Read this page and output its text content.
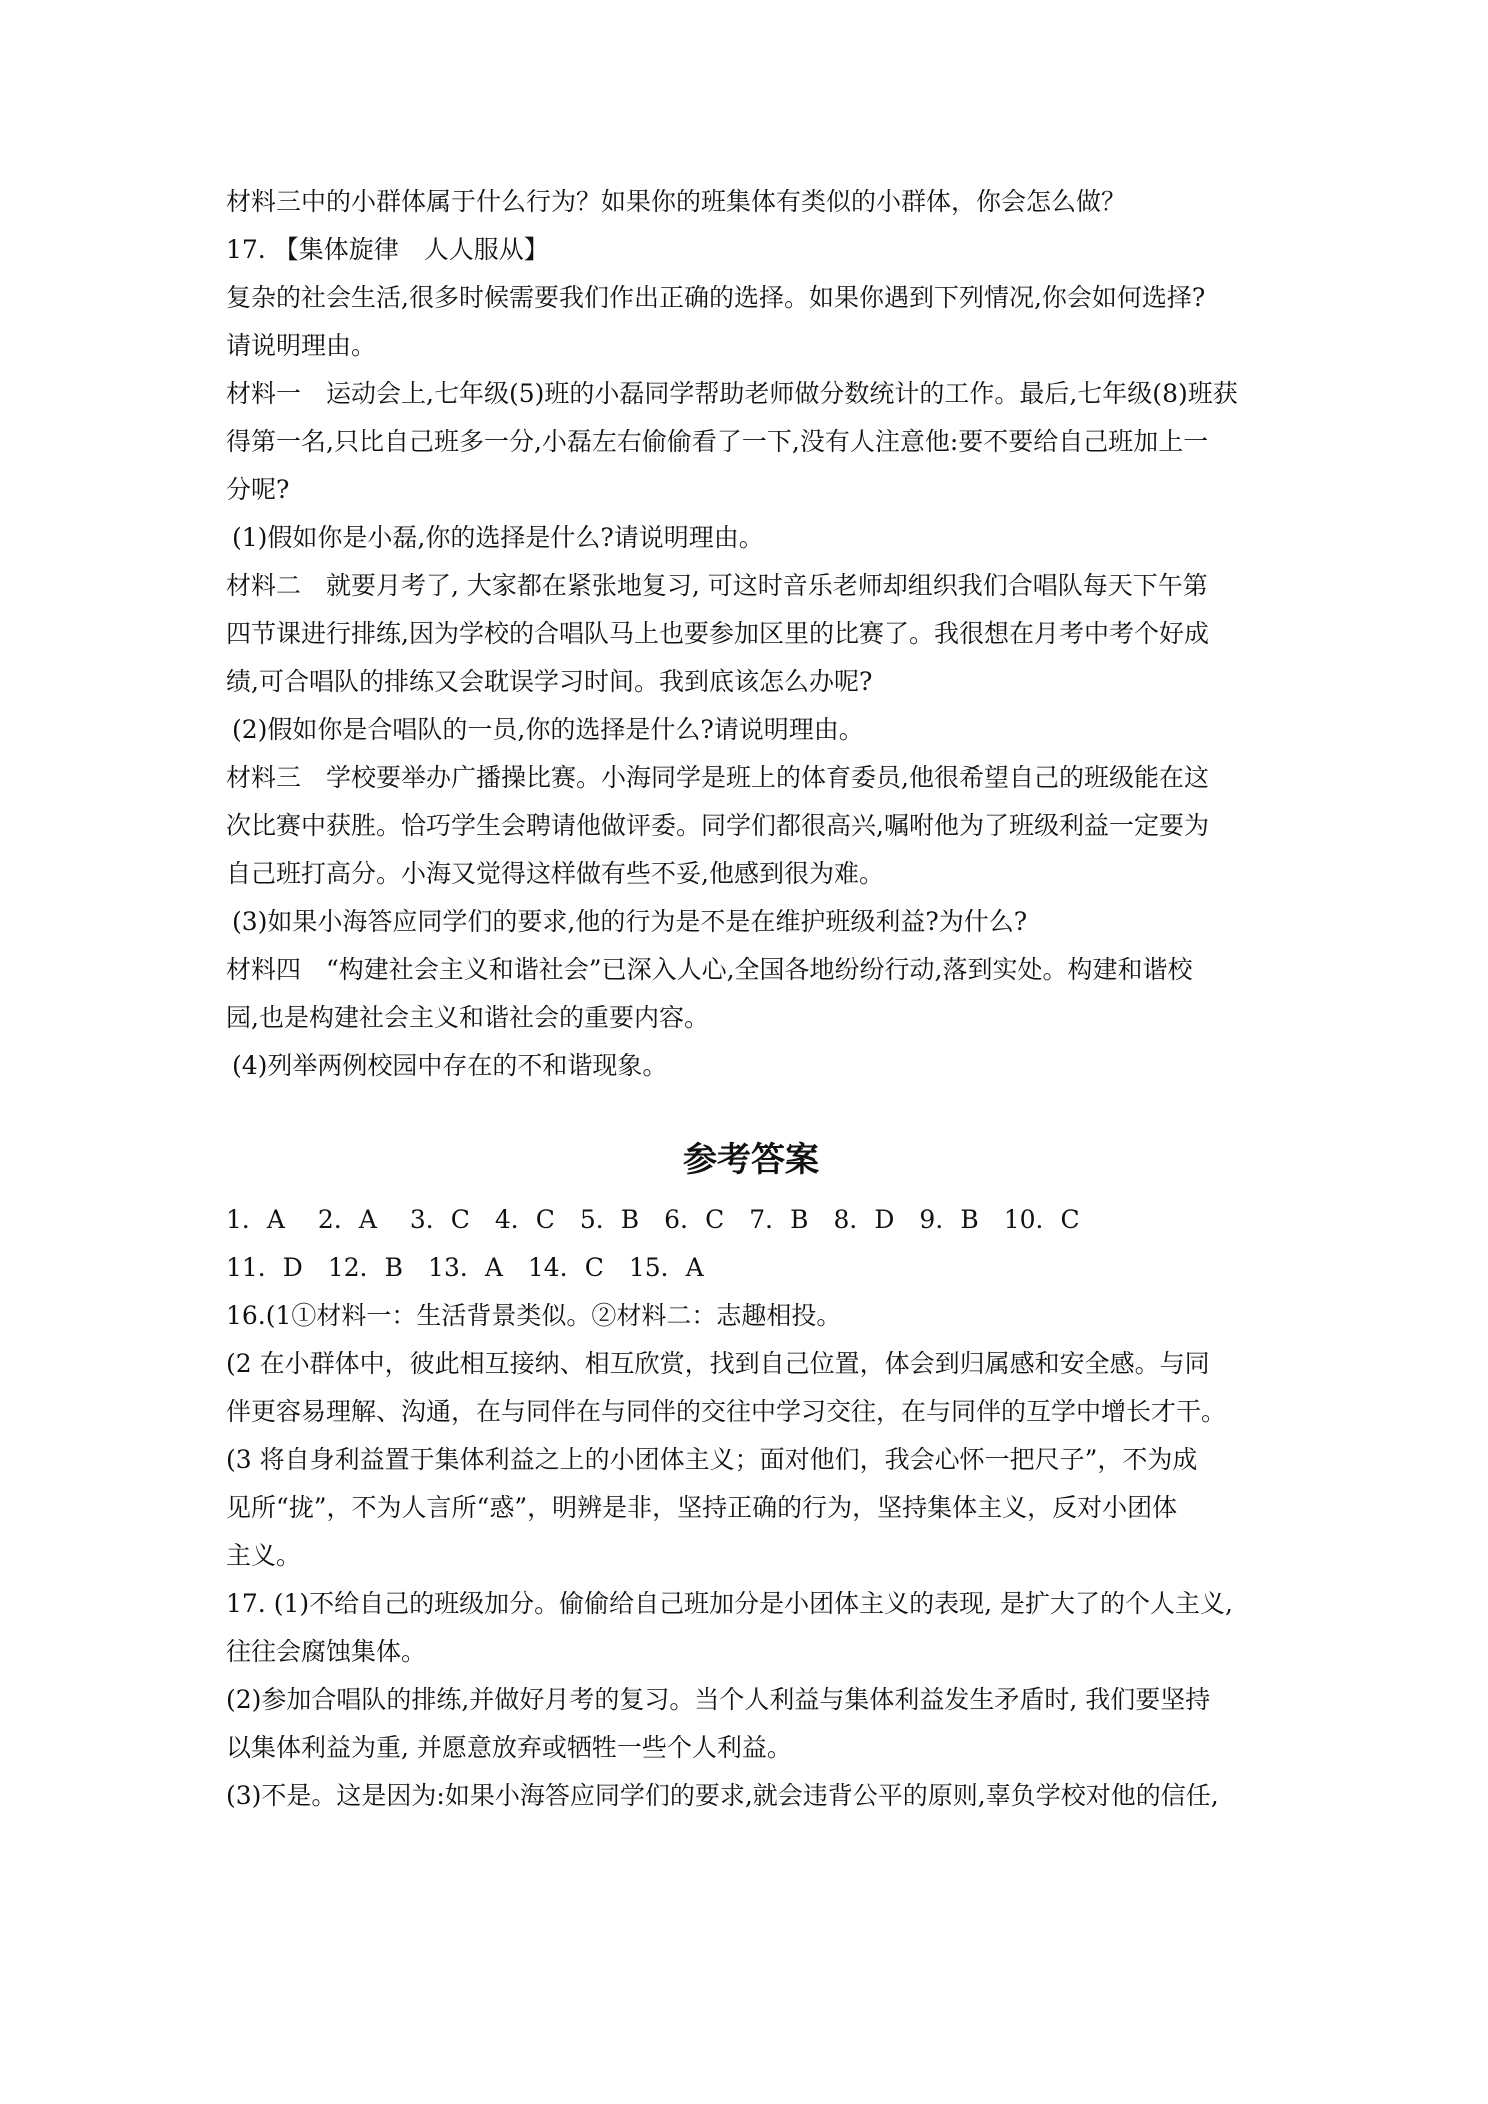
材料三中的小群体属于什么行为？如果你的班集体有类似的小群体，你会怎么做？
17. 【集体旋律　人人服从】
复杂的社会生活,很多时候需要我们作出正确的选择。如果你遇到下列情况,你会如何选择?
请说明理由。
材料一　运动会上,七年级(5)班的小磊同学帮助老师做分数统计的工作。最后,七年级(8)班获
得第一名,只比自己班多一分,小磊左右偷偷看了一下,没有人注意他:要不要给自己班加上一
分呢?
(1)假如你是小磊,你的选择是什么?请说明理由。
材料二　就要月考了, 大家都在紧张地复习, 可这时音乐老师却组织我们合唱队每天下午第
四节课进行排练,因为学校的合唱队马上也要参加区里的比赛了。我很想在月考中考个好成
绩,可合唱队的排练又会耽误学习时间。我到底该怎么办呢?
(2)假如你是合唱队的一员,你的选择是什么?请说明理由。
材料三　学校要举办广播操比赛。小海同学是班上的体育委员,他很希望自己的班级能在这
次比赛中获胜。恰巧学生会聘请他做评委。同学们都很高兴,嘱咐他为了班级利益一定要为
自己班打高分。小海又觉得这样做有些不妥,他感到很为难。
(3)如果小海答应同学们的要求,他的行为是不是在维护班级利益?为什么?
材料四　“构建社会主义和谐社会”已深入人心,全国各地纷纷行动,落到实处。构建和谐校
园,也是构建社会主义和谐社会的重要内容。
(4)列举两例校园中存在的不和谐现象。
参考答案
1．A　 2．A　 3．C　4．C　5．B　6．C　7．B　8．D　9．B　10．C
11．D　12．B　13．A　14．C　15．A
16.(1①材料一：生活背景类似。②材料二：志趣相投。
(2 在小群体中，彼此相互接纳、相互欣赏，找到自己位置，体会到归属感和安全感。与同
伴更容易理解、沟通，在与同伴在与同伴的交往中学习交往，在与同伴的互学中增长才干。
(3 将自身利益置于集体利益之上的小团体主义；面对他们，我会心怀一把尺子”，不为成
见所“拢”，不为人言所“惑”，明辨是非，坚持正确的行为，坚持集体主义，反对小团体
主义。
17. (1)不给自己的班级加分。偷偷给自己班加分是小团体主义的表现, 是扩大了的个人主义,
往往会腐蚀集体。
(2)参加合唱队的排练,并做好月考的复习。当个人利益与集体利益发生矛盾时, 我们要坚持
以集体利益为重, 并愿意放弃或牺牲一些个人利益。
(3)不是。这是因为:如果小海答应同学们的要求,就会违背公平的原则,辜负学校对他的信任,
